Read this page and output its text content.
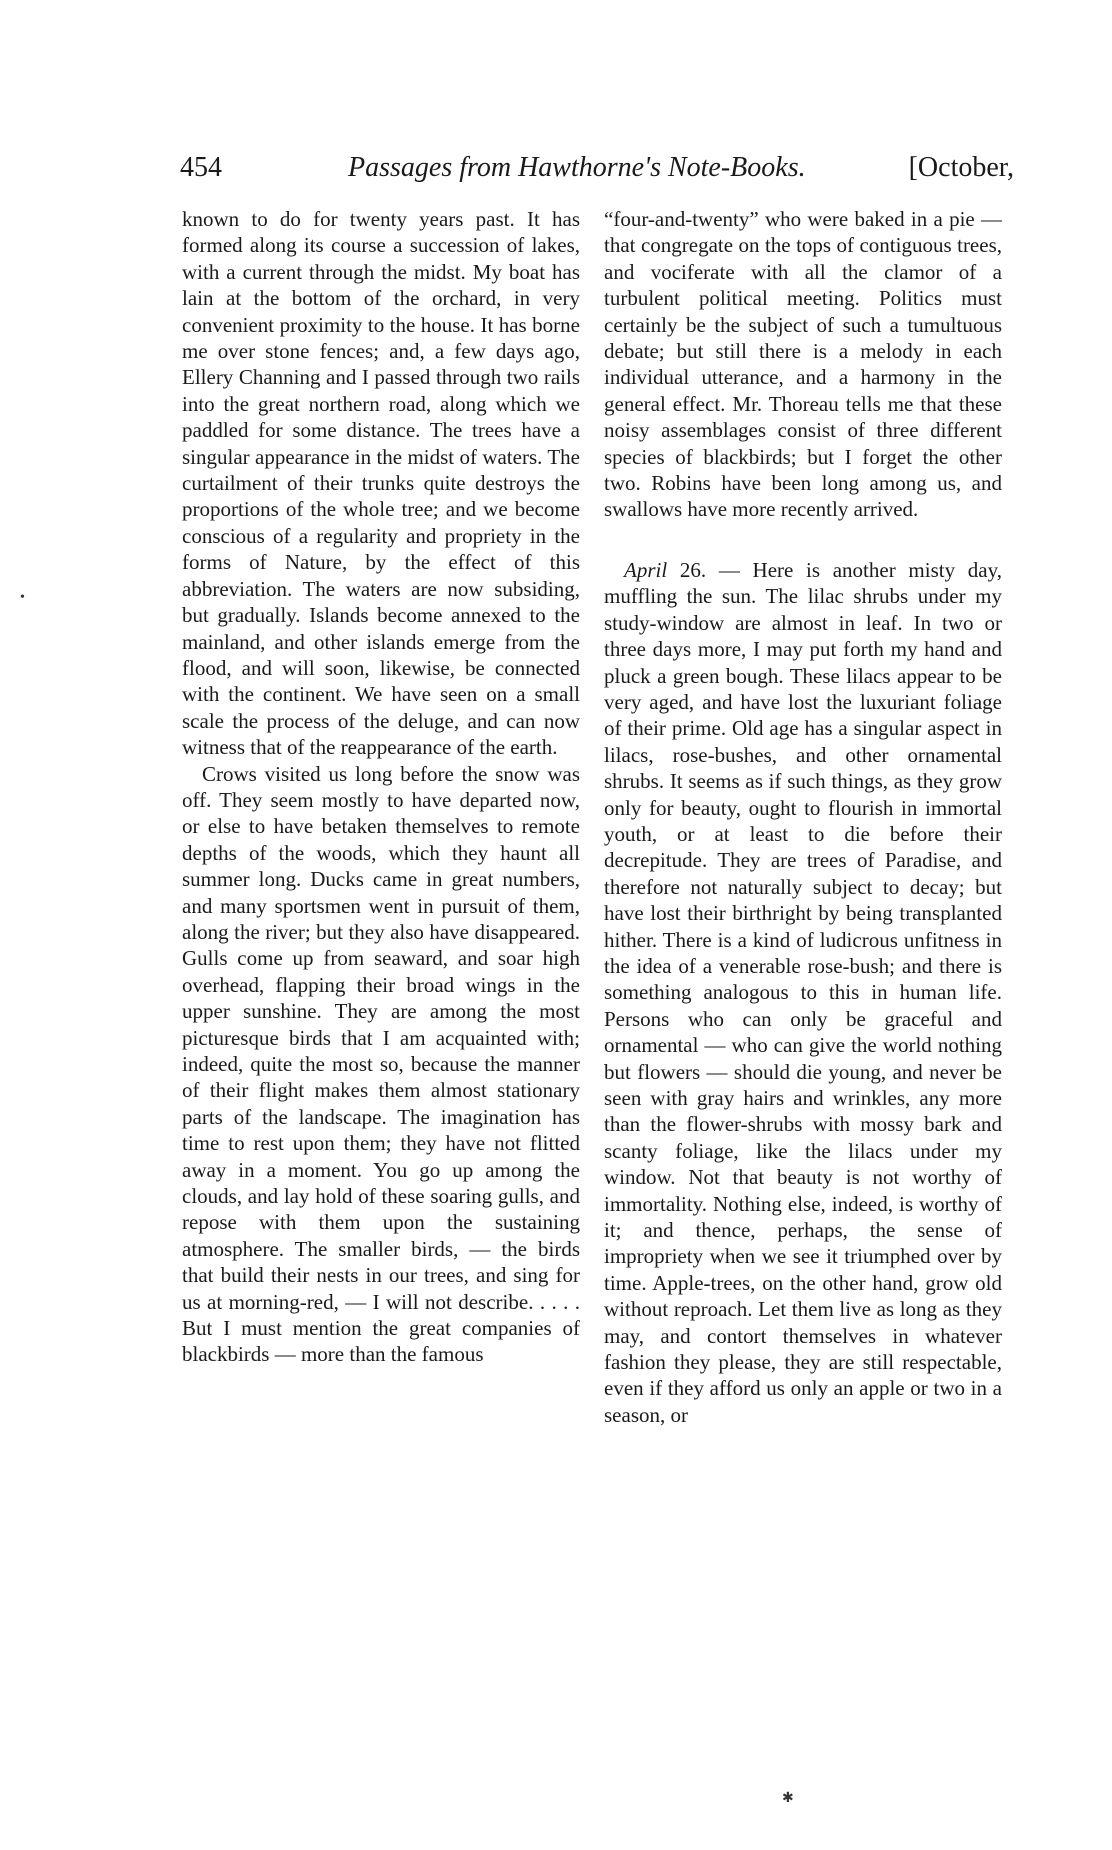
454	Passages from Hawthorne's Note-Books.	[October,

known to do for twenty years past. It has formed along its course a succession of lakes, with a current through the midst. My boat has lain at the bottom of the orchard, in very convenient proximity to the house. It has borne me over stone fences; and, a few days ago, Ellery Channing and I passed through two rails into the great northern road, along which we paddled for some distance. The trees have a singular appearance in the midst of waters. The curtailment of their trunks quite destroys the proportions of the whole tree; and we become conscious of a regularity and propriety in the forms of Nature, by the effect of this abbreviation. The waters are now subsiding, but gradually. Islands become annexed to the mainland, and other islands emerge from the flood, and will soon, likewise, be connected with the continent. We have seen on a small scale the process of the deluge, and can now witness that of the reappearance of the earth.

Crows visited us long before the snow was off. They seem mostly to have departed now, or else to have betaken themselves to remote depths of the woods, which they haunt all summer long. Ducks came in great numbers, and many sportsmen went in pursuit of them, along the river; but they also have disappeared. Gulls come up from seaward, and soar high overhead, flapping their broad wings in the upper sunshine. They are among the most picturesque birds that I am acquainted with; indeed, quite the most so, because the manner of their flight makes them almost stationary parts of the landscape. The imagination has time to rest upon them; they have not flitted away in a moment. You go up among the clouds, and lay hold of these soaring gulls, and repose with them upon the sustaining atmosphere. The smaller birds, — the birds that build their nests in our trees, and sing for us at morning-red, — I will not describe. . . . . But I must mention the great companies of blackbirds — more than the famous

“four-and-twenty” who were baked in a pie — that congregate on the tops of contiguous trees, and vociferate with all the clamor of a turbulent political meeting. Politics must certainly be the subject of such a tumultuous debate; but still there is a melody in each individual utterance, and a harmony in the general effect. Mr. Thoreau tells me that these noisy assemblages consist of three different species of blackbirds; but I forget the other two. Robins have been long among us, and swallows have more recently arrived.

April 26. — Here is another misty day, muffling the sun. The lilac shrubs under my study-window are almost in leaf. In two or three days more, I may put forth my hand and pluck a green bough. These lilacs appear to be very aged, and have lost the luxuriant foliage of their prime. Old age has a singular aspect in lilacs, rose-bushes, and other ornamental shrubs. It seems as if such things, as they grow only for beauty, ought to flourish in immortal youth, or at least to die before their decrepitude. They are trees of Paradise, and therefore not naturally subject to decay; but have lost their birthright by being transplanted hither. There is a kind of ludicrous unfitness in the idea of a venerable rose-bush; and there is something analogous to this in human life. Persons who can only be graceful and ornamental — who can give the world nothing but flowers — should die young, and never be seen with gray hairs and wrinkles, any more than the flower-shrubs with mossy bark and scanty foliage, like the lilacs under my window. Not that beauty is not worthy of immortality. Nothing else, indeed, is worthy of it; and thence, perhaps, the sense of impropriety when we see it triumphed over by time. Apple-trees, on the other hand, grow old without reproach. Let them live as long as they may, and contort themselves in whatever fashion they please, they are still respectable, even if they afford us only an apple or two in a season, or

•
✱
